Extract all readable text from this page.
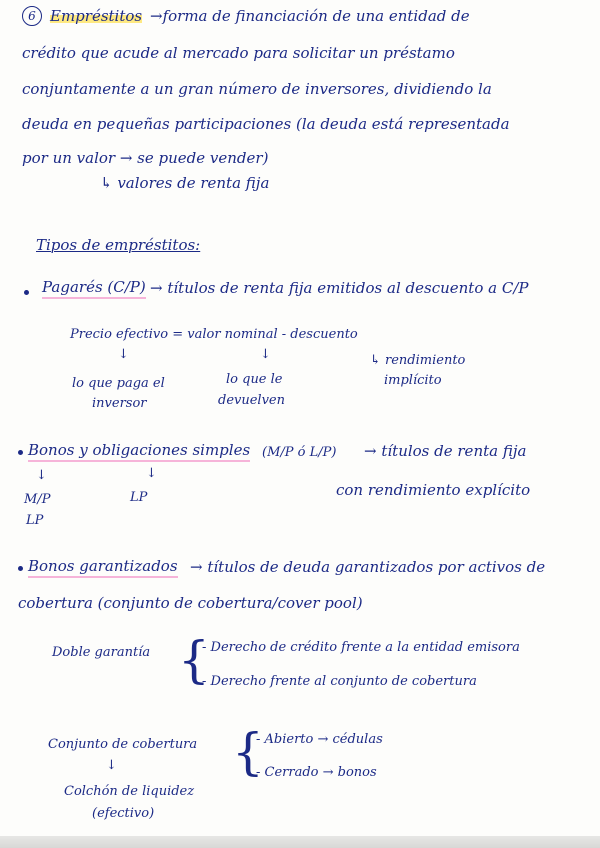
6 Empréstitos →forma de financiación de una entidad de
crédito que acude al mercado para solicitar un préstamo
conjuntamente a un gran número de inversores, dividiendo la
deuda en pequeñas participaciones (la deuda está representada
por un valor → se puede vender)
↳ valores de renta fija
Tipos de empréstitos:
Pagarés (C/P) → títulos de renta fija emitidos al descuento a C/P
Precio efectivo = valor nominal - descuento
↓	↓
lo que paga el
inversor
lo que le
devuelven
↳ rendimiento
implícito
Bonos y obligaciones simples (M/P ó L/P) → títulos de renta fija
↓	↓
M/P	LP
LP
con rendimiento explícito
Bonos garantizados → títulos de deuda garantizados por activos de
cobertura (conjunto de cobertura/cover pool)
Doble garantía {
- Derecho de crédito frente a la entidad emisora
- Derecho frente al conjunto de cobertura
Conjunto de cobertura
↓
Colchón de liquidez
(efectivo)
{
- Abierto → cédulas
- Cerrado → bonos
